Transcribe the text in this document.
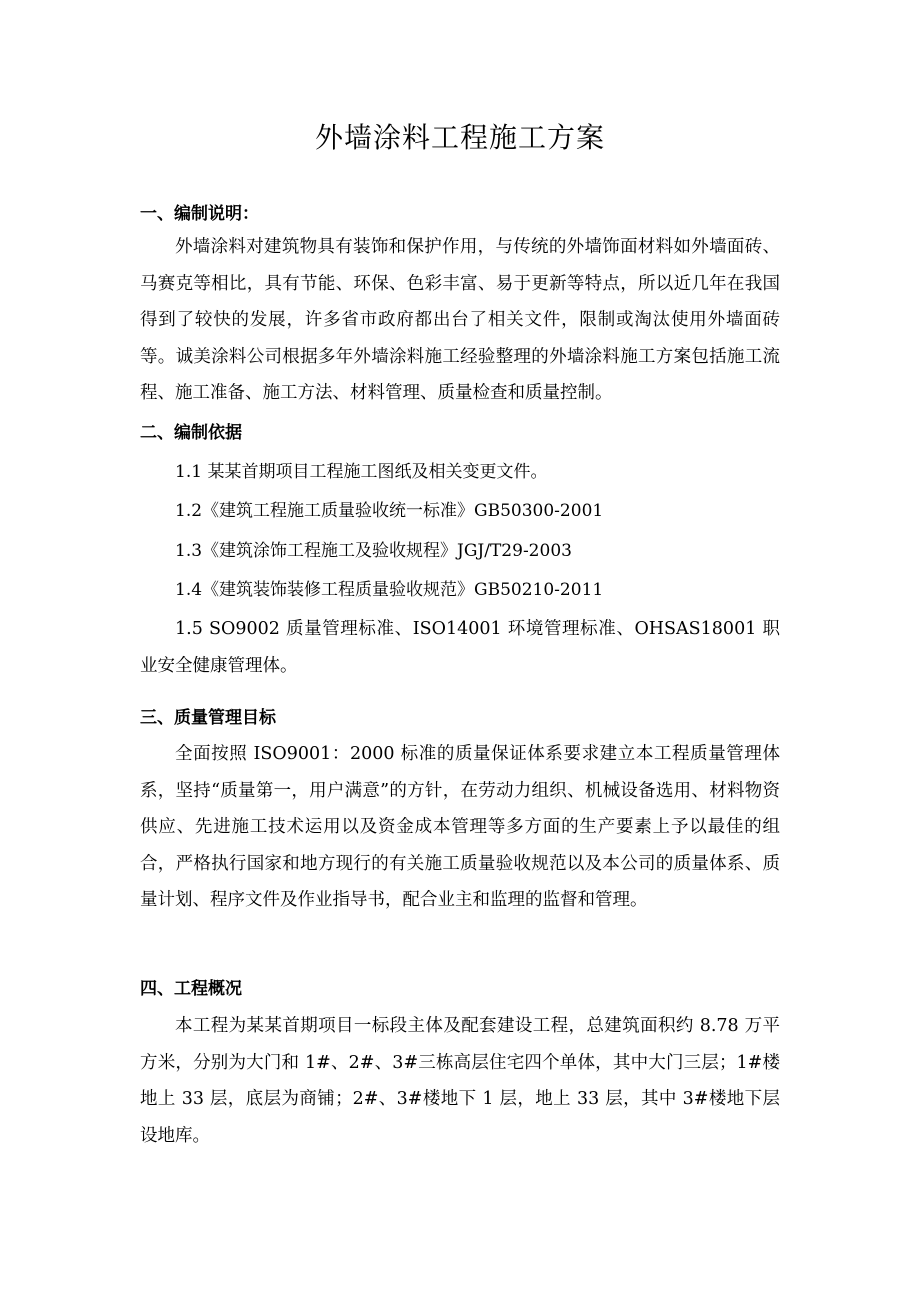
外墙涂料工程施工方案
一、编制说明：

外墙涂料对建筑物具有装饰和保护作用，与传统的外墙饰面材料如外墙面砖、马赛克等相比，具有节能、环保、色彩丰富、易于更新等特点，所以近几年在我国得到了较快的发展，许多省市政府都出台了相关文件，限制或淘汰使用外墙面砖等。诚美涂料公司根据多年外墙涂料施工经验整理的外墙涂料施工方案包括施工流程、施工准备、施工方法、材料管理、质量检查和质量控制。

二、编制依据

1.1 某某首期项目工程施工图纸及相关变更文件。

1.2《建筑工程施工质量验收统一标准》GB50300-2001

1.3《建筑涂饰工程施工及验收规程》JGJ/T29-2003

1.4《建筑装饰装修工程质量验收规范》GB50210-2011

1.5 SO9002 质量管理标准、ISO14001 环境管理标准、OHSAS18001 职业安全健康管理体。

三、质量管理目标

全面按照 ISO9001：2000 标准的质量保证体系要求建立本工程质量管理体系，坚持“质量第一，用户满意”的方针，在劳动力组织、机械设备选用、材料物资供应、先进施工技术运用以及资金成本管理等多方面的生产要素上予以最佳的组合，严格执行国家和地方现行的有关施工质量验收规范以及本公司的质量体系、质量计划、程序文件及作业指导书，配合业主和监理的监督和管理。

四、工程概况

本工程为某某首期项目一标段主体及配套建设工程，总建筑面积约 8.78 万平方米，分别为大门和 1#、2#、3#三栋高层住宅四个单体，其中大门三层；1#楼地上 33 层，底层为商铺；2#、3#楼地下 1 层，地上 33 层，其中 3#楼地下层设地库。
